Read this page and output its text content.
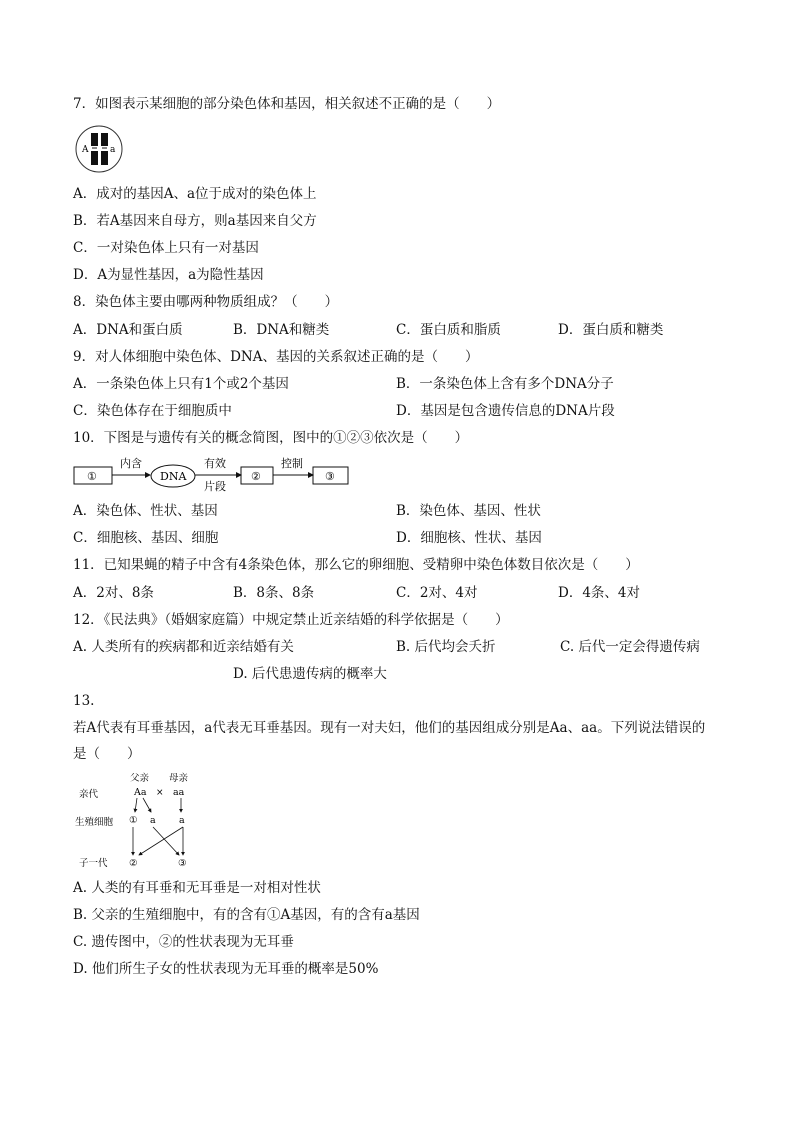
7．如图表示某细胞的部分染色体和基因，相关叙述不正确的是（　　）
A a
A．成对的基因A、a位于成对的染色体上
B．若A基因来自母方，则a基因来自父方
C．一对染色体上只有一对基因
D．A为显性基因，a为隐性基因
8．染色体主要由哪两种物质组成？（　　）
A．DNA和蛋白质	B．DNA和糖类	C．蛋白质和脂质	D．蛋白质和糖类
9．对人体细胞中染色体、DNA、基因的关系叙述正确的是（　　）
A．一条染色体上只有1个或2个基因	B．一条染色体上含有多个DNA分子
C．染色体存在于细胞质中	D．基因是包含遗传信息的DNA片段
10．下图是与遗传有关的概念简图，图中的①②③依次是（　　）
①
内含
DNA
有效
片段
②
控制
③
A．染色体、性状、基因	B．染色体、基因、性状
C．细胞核、基因、细胞	D．细胞核、性状、基因
11．已知果蝇的精子中含有4条染色体，那么它的卵细胞、受精卵中染色体数目依次是（　　）
A．2对、8条	B．8条、8条	C．2对、4对	D．4条、4对
12．《民法典》（婚姻家庭篇）中规定禁止近亲结婚的科学依据是（　　）
A. 人类所有的疾病都和近亲结婚有关	B. 后代均会夭折	C. 后代一定会得遗传病
D. 后代患遗传病的概率大
13.
若A代表有耳垂基因，a代表无耳垂基因。现有一对夫妇，他们的基因组成分别是Aa、aa。下列说法错误的
是（　　）
父亲 母亲
亲代	Aa × aa
生殖细胞 ① a a
子一代 ②	③
A. 人类的有耳垂和无耳垂是一对相对性状
B. 父亲的生殖细胞中，有的含有①A基因，有的含有a基因
C. 遗传图中，②的性状表现为无耳垂
D. 他们所生子女的性状表现为无耳垂的概率是50%
